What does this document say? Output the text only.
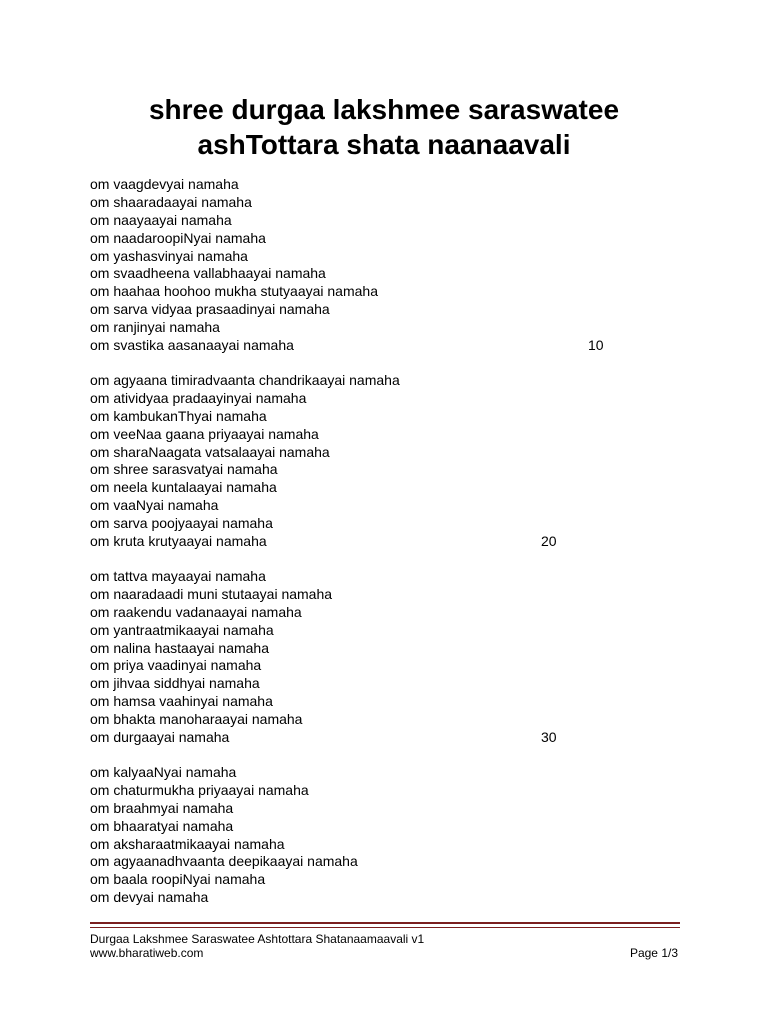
shree durgaa lakshmee saraswatee
ashTottara shata naanaavali
om vaagdevyai namaha
om shaaradaayai namaha
om naayaayai namaha
om naadaroopiNyai namaha
om yashasvinyai namaha
om svaadheena vallabhaayai namaha
om haahaa hoohoo mukha stutyaayai namaha
om sarva vidyaa prasaadinyai namaha
om ranjinyai namaha
om svastika aasanaayai namaha	10
om agyaana timiradvaanta chandrikaayai namaha
om atividyaa pradaayinyai namaha
om kambukanThyai namaha
om veeNaa gaana priyaayai namaha
om sharaNaagata vatsalaayai namaha
om shree sarasvatyai namaha
om neela kuntalaayai namaha
om vaaNyai namaha
om sarva poojyaayai namaha
om kruta krutyaayai namaha	20
om tattva mayaayai namaha
om naaradaadi muni stutaayai namaha
om raakendu vadanaayai namaha
om yantraatmikaayai namaha
om nalina hastaayai namaha
om priya vaadinyai namaha
om jihvaa siddhyai namaha
om hamsa vaahinyai namaha
om bhakta manoharaayai namaha
om durgaayai namaha	30
om kalyaaNyai namaha
om chaturmukha priyaayai namaha
om braahmyai namaha
om bhaaratyai namaha
om aksharaatmikaayai namaha
om agyaanadhvaanta deepikaayai namaha
om baala roopiNyai namaha
om devyai namaha
Durgaa Lakshmee Saraswatee Ashtottara Shatanaamaavali v1
www.bharatiweb.com	Page 1/3
